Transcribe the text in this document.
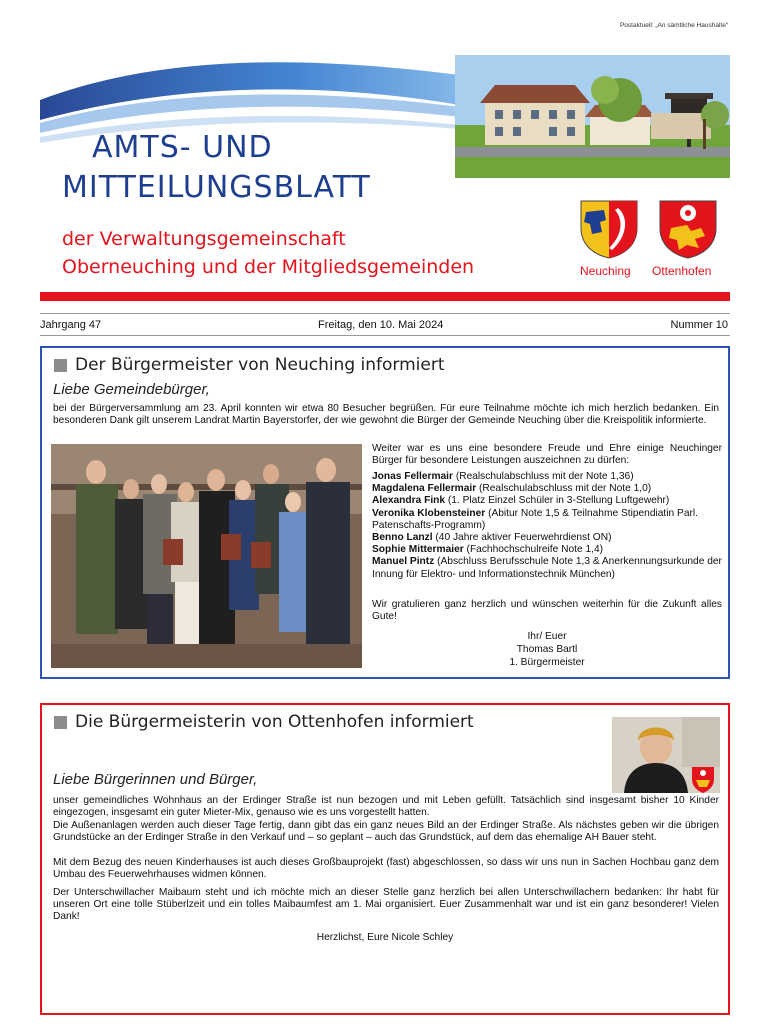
Postaktuell: „An sämtliche Haushalte“
AMTS- UND
MITTEILUNGSBLATT
der Verwaltungsgemeinschaft
Oberneuching und der Mitgliedsgemeinden	Neuching Ottenhofen
Jahrgang 47	Freitag, den 10. Mai 2024	Nummer 10
Der Bürgermeister von Neuching informiert
Liebe Gemeindebürger,
bei der Bürgerversammlung am 23. April konnten wir etwa 80 Besucher begrüßen. Für eure Teilnahme möchte ich mich herzlich bedanken. Ein besonderen Dank gilt unserem Landrat Martin Bayerstorfer, der wie gewohnt die Bürger der Gemeinde Neuching über die Kreispolitik informierte.
Weiter war es uns eine besondere Freude und Ehre einige Neuchinger Bürger für besondere Leistungen auszeichnen zu dürfen:
Jonas Fellermair (Realschulabschluss mit der Note 1,36)
Magdalena Fellermair (Realschulabschluss mit der Note 1,0)
Alexandra Fink (1. Platz Einzel Schüler in 3-Stellung Luftgewehr)
Veronika Klobensteiner (Abitur Note 1,5 & Teilnahme Stipendiatin Parl. Patenschafts-Programm)
Benno Lanzl (40 Jahre aktiver Feuerwehrdienst ON)
Sophie Mittermaier (Fachhochschulreife Note 1,4)
Manuel Pintz (Abschluss Berufsschule Note 1,3 & Anerkennungsurkunde der Innung für Elektro- und Informationstechnik München)
Wir gratulieren ganz herzlich und wünschen weiterhin für die Zukunft alles Gute!
Ihr/ Euer
Thomas Bartl
1. Bürgermeister
Die Bürgermeisterin von Ottenhofen informiert
Liebe Bürgerinnen und Bürger,
unser gemeindliches Wohnhaus an der Erdinger Straße ist nun bezogen und mit Leben gefüllt. Tatsächlich sind insgesamt bisher 10 Kinder eingezogen, insgesamt ein guter Mieter-Mix, genauso wie es uns vorgestellt hatten.
Die Außenanlagen werden auch dieser Tage fertig, dann gibt das ein ganz neues Bild an der Erdinger Straße. Als nächstes geben wir die übrigen Grundstücke an der Erdinger Straße in den Verkauf und – so geplant – auch das Grundstück, auf dem das ehemalige AH Bauer steht.
Mit dem Bezug des neuen Kinderhauses ist auch dieses Großbauprojekt (fast) abgeschlossen, so dass wir uns nun in Sachen Hochbau ganz dem Umbau des Feuerwehrhauses widmen können.
Der Unterschwillacher Maibaum steht und ich möchte mich an dieser Stelle ganz herzlich bei allen Unterschwillachern bedanken: Ihr habt für unseren Ort eine tolle Stüberlzeit und ein tolles Maibaumfest am 1. Mai organisiert. Euer Zusammenhalt war und ist ein ganz besonderer! Vielen Dank!
Herzlichst, Eure Nicole Schley
